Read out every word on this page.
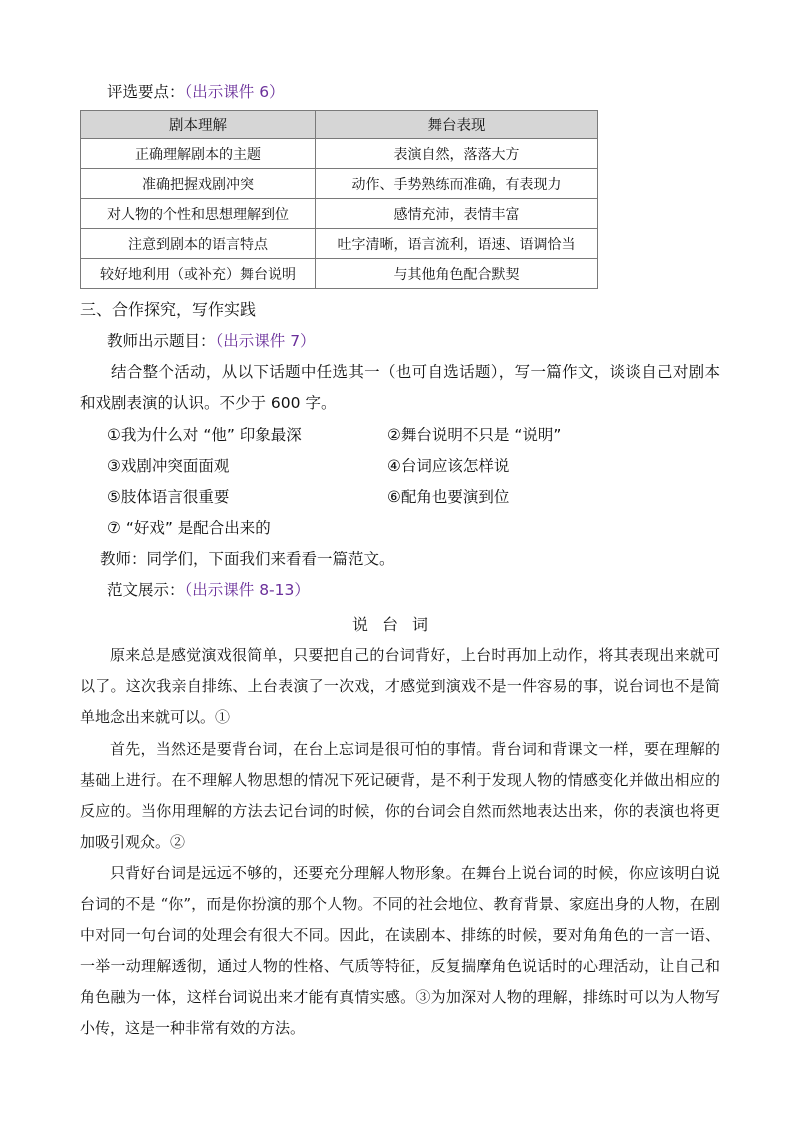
评选要点：（出示课件 6）
剧本理解	舞台表现
正确理解剧本的主题	表演自然，落落大方
准确把握戏剧冲突	动作、手势熟练而准确，有表现力
对人物的个性和思想理解到位	感情充沛，表情丰富
注意到剧本的语言特点	吐字清晰，语言流利，语速、语调恰当
较好地利用（或补充）舞台说明	与其他角色配合默契
三、合作探究，写作实践
教师出示题目：（出示课件 7）
结合整个活动，从以下话题中任选其一（也可自选话题），写一篇作文，谈谈自己对剧本和戏剧表演的认识。不少于 600 字。
①我为什么对 “他” 印象最深	②舞台说明不只是 “说明”
③戏剧冲突面面观	④台词应该怎样说
⑤肢体语言很重要	⑥配角也要演到位
⑦ “好戏” 是配合出来的
教师：同学们，下面我们来看看一篇范文。
范文展示：（出示课件 8-13）
说台词
原来总是感觉演戏很简单，只要把自己的台词背好，上台时再加上动作，将其表现出来就可以了。这次我亲自排练、上台表演了一次戏，才感觉到演戏不是一件容易的事，说台词也不是简单地念出来就可以。①
首先，当然还是要背台词，在台上忘词是很可怕的事情。背台词和背课文一样，要在理解的基础上进行。在不理解人物思想的情况下死记硬背，是不利于发现人物的情感变化并做出相应的反应的。当你用理解的方法去记台词的时候，你的台词会自然而然地表达出来，你的表演也将更加吸引观众。②
只背好台词是远远不够的，还要充分理解人物形象。在舞台上说台词的时候，你应该明白说台词的不是 “你”，而是你扮演的那个人物。不同的社会地位、教育背景、家庭出身的人物，在剧中对同一句台词的处理会有很大不同。因此，在读剧本、排练的时候，要对角角色的一言一语、一举一动理解透彻，通过人物的性格、气质等特征，反复揣摩角色说话时的心理活动，让自己和角色融为一体，这样台词说出来才能有真情实感。③为加深对人物的理解，排练时可以为人物写小传，这是一种非常有效的方法。
